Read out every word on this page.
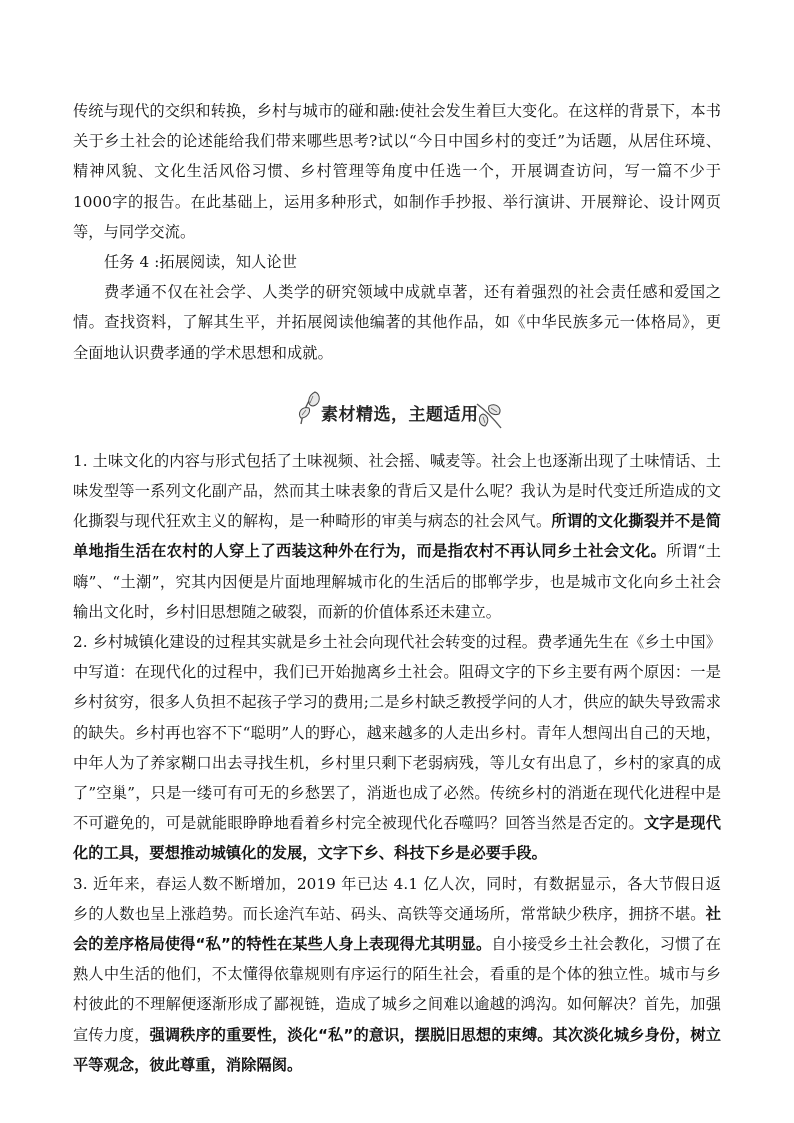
传统与现代的交织和转换，乡村与城市的碰和融:使社会发生着巨大变化。在这样的背景下，本书关于乡土社会的论述能给我们带来哪些思考?试以“今日中国乡村的变迁”为话题，从居住环境、精神风貌、文化生活风俗习惯、乡村管理等角度中任选一个，开展调查访问，写一篇不少于1000字的报告。在此基础上，运用多种形式，如制作手抄报、举行演讲、开展辩论、设计网页等，与同学交流。

任务 4 :拓展阅读，知人论世

费孝通不仅在社会学、人类学的研究领域中成就卓著，还有着强烈的社会责任感和爱国之情。查找资料，了解其生平，并拓展阅读他编著的其他作品，如《中华民族多元一体格局》，更全面地认识费孝通的学术思想和成就。

素材精选，主题适用

1. 土味文化的内容与形式包括了土味视频、社会摇、喊麦等。社会上也逐渐出现了土味情话、土味发型等一系列文化副产品，然而其土味表象的背后又是什么呢？我认为是时代变迁所造成的文化撕裂与现代狂欢主义的解构，是一种畸形的审美与病态的社会风气。所谓的文化撕裂并不是简单地指生活在农村的人穿上了西装这种外在行为，而是指农村不再认同乡土社会文化。所谓“土嗨”、“土潮”，究其内因便是片面地理解城市化的生活后的邯郸学步，也是城市文化向乡土社会输出文化时，乡村旧思想随之破裂，而新的价值体系还未建立。

2. 乡村城镇化建设的过程其实就是乡土社会向现代社会转变的过程。费孝通先生在《乡土中国》中写道：在现代化的过程中，我们已开始抛离乡土社会。阻碍文字的下乡主要有两个原因：一是乡村贫穷，很多人负担不起孩子学习的费用;二是乡村缺乏教授学问的人才，供应的缺失导致需求的缺失。乡村再也容不下“聪明”人的野心，越来越多的人走出乡村。青年人想闯出自己的天地，中年人为了养家糊口出去寻找生机，乡村里只剩下老弱病残，等儿女有出息了，乡村的家真的成了”空巢”，只是一缕可有可无的乡愁罢了，消逝也成了必然。传统乡村的消逝在现代化进程中是不可避免的，可是就能眼睁睁地看着乡村完全被现代化吞噬吗？回答当然是否定的。文字是现代化的工具，要想推动城镇化的发展，文字下乡、科技下乡是必要手段。

3. 近年来，春运人数不断增加，2019 年已达 4.1 亿人次，同时，有数据显示，各大节假日返乡的人数也呈上涨趋势。而长途汽车站、码头、高铁等交通场所，常常缺少秩序，拥挤不堪。社会的差序格局使得“私”的特性在某些人身上表现得尤其明显。自小接受乡土社会教化，习惯了在熟人中生活的他们，不太懂得依靠规则有序运行的陌生社会，看重的是个体的独立性。城市与乡村彼此的不理解便逐渐形成了鄙视链，造成了城乡之间难以逾越的鸿沟。如何解决？首先，加强宣传力度，强调秩序的重要性，淡化“私”的意识，摆脱旧思想的束缚。其次淡化城乡身份，树立平等观念，彼此尊重，消除隔阂。
